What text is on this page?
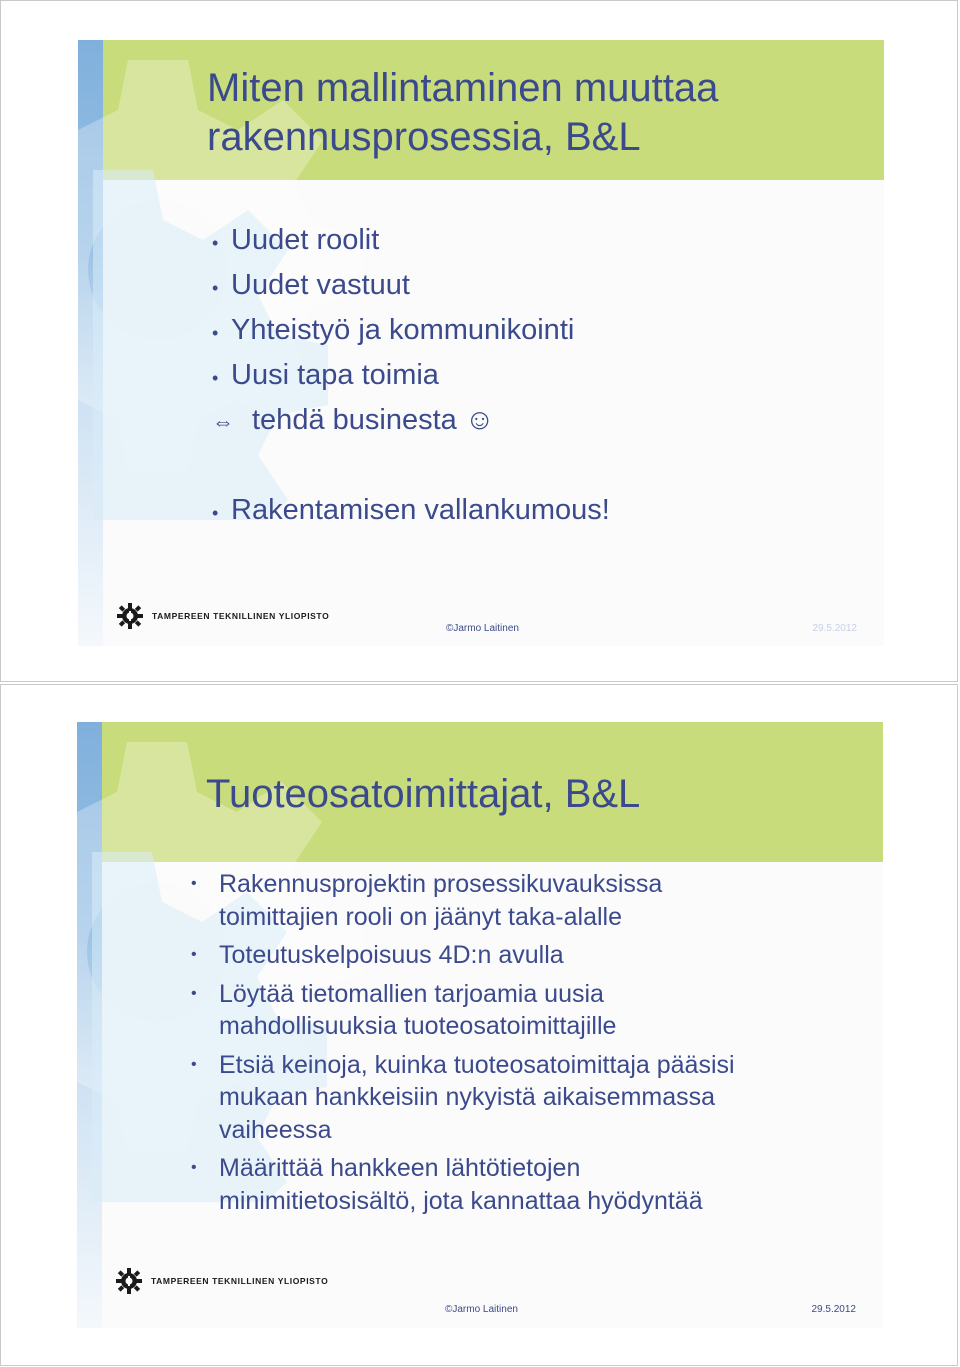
Miten mallintaminen muuttaa
rakennusprosessia, B&L
• Uudet roolit
• Uudet vastuut
• Yhteistyö ja kommunikointi
• Uusi tapa toimia
⇔ tehdä businesta ☺
• Rakentamisen vallankumous!
TAMPEREEN TEKNILLINEN YLIOPISTO
©Jarmo Laitinen	29.5.2012
Tuoteosatoimittajat, B&L
• Rakennusprojektin prosessikuvauksissa toimittajien rooli on jäänyt taka-alalle
• Toteutuskelpoisuus 4D:n avulla
• Löytää tietomallien tarjoamia uusia mahdollisuuksia tuoteosatoimittajille
• Etsiä keinoja, kuinka tuoteosatoimittaja pääsisi mukaan hankkeisiin nykyistä aikaisemmassa vaiheessa
• Määrittää hankkeen lähtötietojen minimitietosisältö, jota kannattaa hyödyntää
TAMPEREEN TEKNILLINEN YLIOPISTO
©Jarmo Laitinen	29.5.2012
